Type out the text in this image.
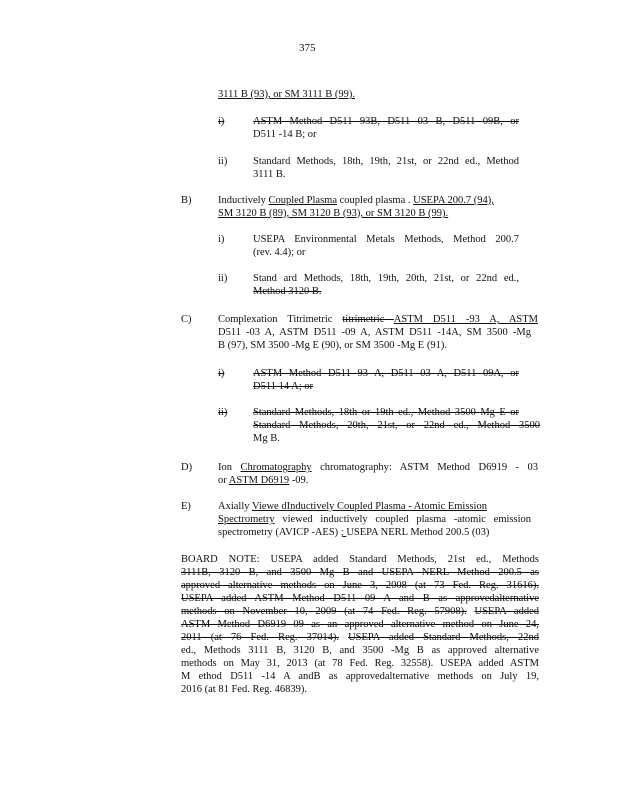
375
3111 B (93), or SM 3111 B (99).
i)	ASTM Method D511 93B, D511 03 B, D511 09B, or
D511 -14 B; or
ii) Standard Methods, 18th, 19th, 21st, or 22nd ed., Method
3111 B.
B)	Inductively Coupled Plasma coupled plasma . USEPA 200.7 (94),
SM 3120 B (89), SM 3120 B (93), or SM 3120 B (99).
i)	USEPA Environmental Metals Methods, Method 200.7
(rev. 4.4); or
ii) Stand ard Methods, 18th, 19th, 20th, 21st, or 22nd ed.,
Method 3120 B.
C)	Complexation Titrimetric titrimetric ASTM D511 -93 A, ASTM
D511 -03 A, ASTM D511 -09 A, ASTM D511 -14A, SM 3500 -Mg
B (97), SM 3500 -Mg E (90), or SM 3500 -Mg E (91).
i)	ASTM Method D511 93 A, D511 03 A, D511 09A, or
D511 14 A; or
ii) Standard Methods, 18th or 19th ed., Method 3500 Mg E or
Standard Methods, 20th, 21st, or 22nd ed., Method 3500
Mg B.
D) Ion Chromatography chromatography: ASTM Method D6919 - 03
or ASTM D6919 -09.
E)	Axially Viewe dInductively Coupled Plasma - Atomic Emission
Spectrometry viewed inductively coupled plasma -atomic emission
spectrometry (AVICP -AES) ; USEPA NERL Method 200.5 (03)
BOARD NOTE: USEPA added Standard Methods, 21st ed., Methods
3111B, 3120 B, and 3500 Mg B and USEPA NERL Method 200.5 as
approved alternative methods on June 3, 2008 (at 73 Fed. Reg. 31616).
USEPA added ASTM Method D511 09 A and B as approvedalternative
methods on November 10, 2009 (at 74 Fed. Reg. 57908). USEPA added
ASTM Method D6919 09 as an approved alternative method on June 24,
2011 (at 76 Fed. Reg. 37014). USEPA added Standard Methods, 22nd
ed., Methods 3111 B, 3120 B, and 3500 -Mg B as approved alternative
methods on May 31, 2013 (at 78 Fed. Reg. 32558). USEPA added ASTM
M ethod D511 -14 A andB as approvedalternative methods on July 19,
2016 (at 81 Fed. Reg. 46839).
